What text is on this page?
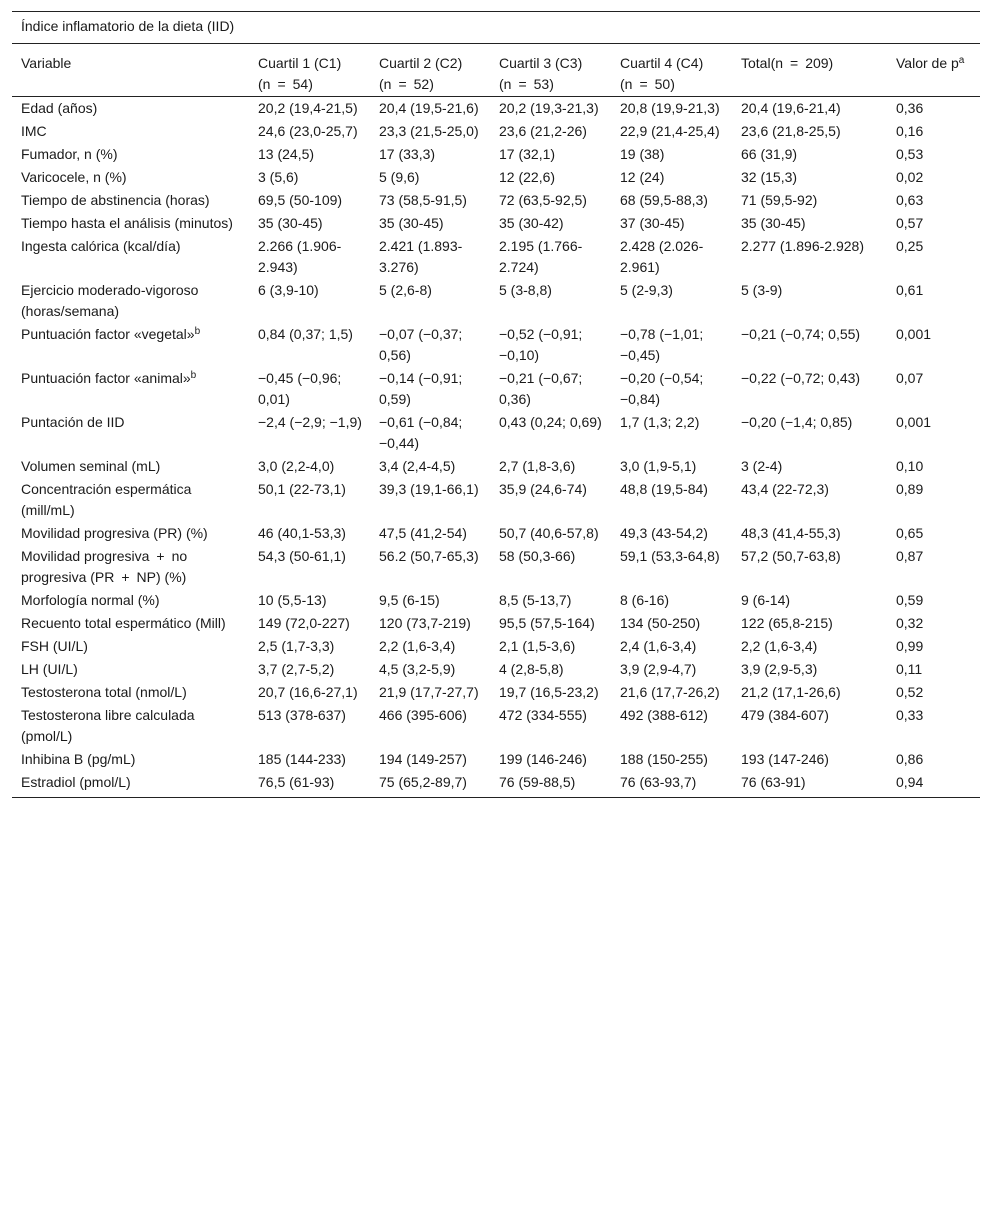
Índice inflamatorio de la dieta (IID)						
Variable	Cuartil 1 (C1) (n = 54)	Cuartil 2 (C2) (n = 52)	Cuartil 3 (C3) (n = 53)	Cuartil 4 (C4) (n = 50)	Total(n = 209)	Valor de $p^a$
Edad (años)	20,2 (19,4-21,5)	20,4 (19,5-21,6)	20,2 (19,3-21,3)	20,8 (19,9-21,3)	20,4 (19,6-21,4)	0,36
IMC	24,6 (23,0-25,7)	23,3 (21,5-25,0)	23,6 (21,2-26)	22,9 (21,4-25,4)	23,6 (21,8-25,5)	0,16
Fumador, n (%)	13 (24,5)	17 (33,3)	17 (32,1)	19 (38)	66 (31,9)	0,53
Varicocele, n (%)	3 (5,6)	5 (9,6)	12 (22,6)	12 (24)	32 (15,3)	0,02
Tiempo de abstinencia (horas)	69,5 (50-109)	73 (58,5-91,5)	72 (63,5-92,5)	68 (59,5-88,3)	71 (59,5-92)	0,63
Tiempo hasta el análisis (minutos)	35 (30-45)	35 (30-45)	35 (30-42)	37 (30-45)	35 (30-45)	0,57
Ingesta calórica (kcal/día)	2.266 (1.906-2.943)	2.421 (1.893-3.276)	2.195 (1.766-2.724)	2.428 (2.026-2.961)	2.277 (1.896-2.928)	0,25
Ejercicio moderado-vigoroso (horas/semana)	6 (3,9-10)	5 (2,6-8)	5 (3-8,8)	5 (2-9,3)	5 (3-9)	0,61
Puntuación factor «vegetal»$^b$	0,84 (0,37; 1,5)	−0,07 (−0,37; 0,56)	−0,52 (−0,91; −0,10)	−0,78 (−1,01; −0,45)	−0,21 (−0,74; 0,55)	0,001
Puntuación factor «animal»$^b$	−0,45 (−0,96; 0,01)	−0,14 (−0,91; 0,59)	−0,21 (−0,67; 0,36)	−0,20 (−0,54; −0,84)	−0,22 (−0,72; 0,43)	0,07
Puntación de IID	−2,4 (−2,9; −1,9)	−0,61 (−0,84; −0,44)	0,43 (0,24; 0,69)	1,7 (1,3; 2,2)	−0,20 (−1,4; 0,85)	0,001
Volumen seminal (mL)	3,0 (2,2-4,0)	3,4 (2,4-4,5)	2,7 (1,8-3,6)	3,0 (1,9-5,1)	3 (2-4)	0,10
Concentración espermática (mill/mL)	50,1 (22-73,1)	39,3 (19,1-66,1)	35,9 (24,6-74)	48,8 (19,5-84)	43,4 (22-72,3)	0,89
Movilidad progresiva (PR) (%)	46 (40,1-53,3)	47,5 (41,2-54)	50,7 (40,6-57,8)	49,3 (43-54,2)	48,3 (41,4-55,3)	0,65
Movilidad progresiva + no progresiva (PR + NP) (%)	54,3 (50-61,1)	56.2 (50,7-65,3)	58 (50,3-66)	59,1 (53,3-64,8)	57,2 (50,7-63,8)	0,87
Morfología normal (%)	10 (5,5-13)	9,5 (6-15)	8,5 (5-13,7)	8 (6-16)	9 (6-14)	0,59
Recuento total espermático (Mill)	149 (72,0-227)	120 (73,7-219)	95,5 (57,5-164)	134 (50-250)	122 (65,8-215)	0,32
FSH (UI/L)	2,5 (1,7-3,3)	2,2 (1,6-3,4)	2,1 (1,5-3,6)	2,4 (1,6-3,4)	2,2 (1,6-3,4)	0,99
LH (UI/L)	3,7 (2,7-5,2)	4,5 (3,2-5,9)	4 (2,8-5,8)	3,9 (2,9-4,7)	3,9 (2,9-5,3)	0,11
Testosterona total (nmol/L)	20,7 (16,6-27,1)	21,9 (17,7-27,7)	19,7 (16,5-23,2)	21,6 (17,7-26,2)	21,2 (17,1-26,6)	0,52
Testosterona libre calculada (pmol/L)	513 (378-637)	466 (395-606)	472 (334-555)	492 (388-612)	479 (384-607)	0,33
Inhibina B (pg/mL)	185 (144-233)	194 (149-257)	199 (146-246)	188 (150-255)	193 (147-246)	0,86
Estradiol (pmol/L)	76,5 (61-93)	75 (65,2-89,7)	76 (59-88,5)	76 (63-93,7)	76 (63-91)	0,94
